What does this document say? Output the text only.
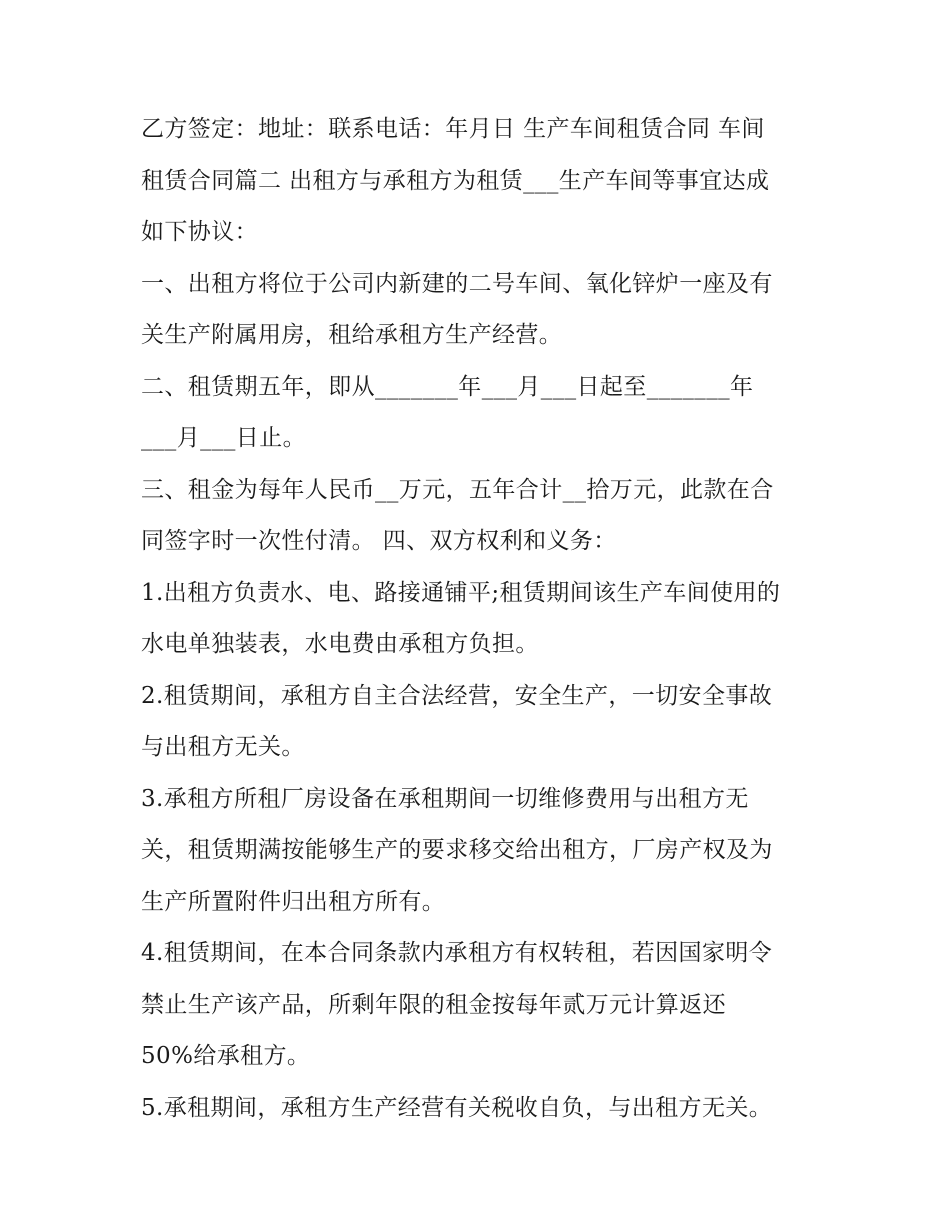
乙方签定：地址：联系电话：年月日 生产车间租赁合同 车间
租赁合同篇二 出租方与承租方为租赁___生产车间等事宜达成
如下协议：
一、出租方将位于公司内新建的二号车间、氧化锌炉一座及有
关生产附属用房，租给承租方生产经营。
二、租赁期五年，即从_______年___月___日起至_______年
___月___日止。
三、租金为每年人民币__万元，五年合计__拾万元，此款在合
同签字时一次性付清。 四、双方权利和义务：
1.出租方负责水、电、路接通铺平;租赁期间该生产车间使用的
水电单独装表，水电费由承租方负担。
2.租赁期间，承租方自主合法经营，安全生产，一切安全事故
与出租方无关。
3.承租方所租厂房设备在承租期间一切维修费用与出租方无
关，租赁期满按能够生产的要求移交给出租方，厂房产权及为
生产所置附件归出租方所有。
4.租赁期间，在本合同条款内承租方有权转租，若因国家明令
禁止生产该产品，所剩年限的租金按每年贰万元计算返还
50%给承租方。
5.承租期间，承租方生产经营有关税收自负，与出租方无关。
